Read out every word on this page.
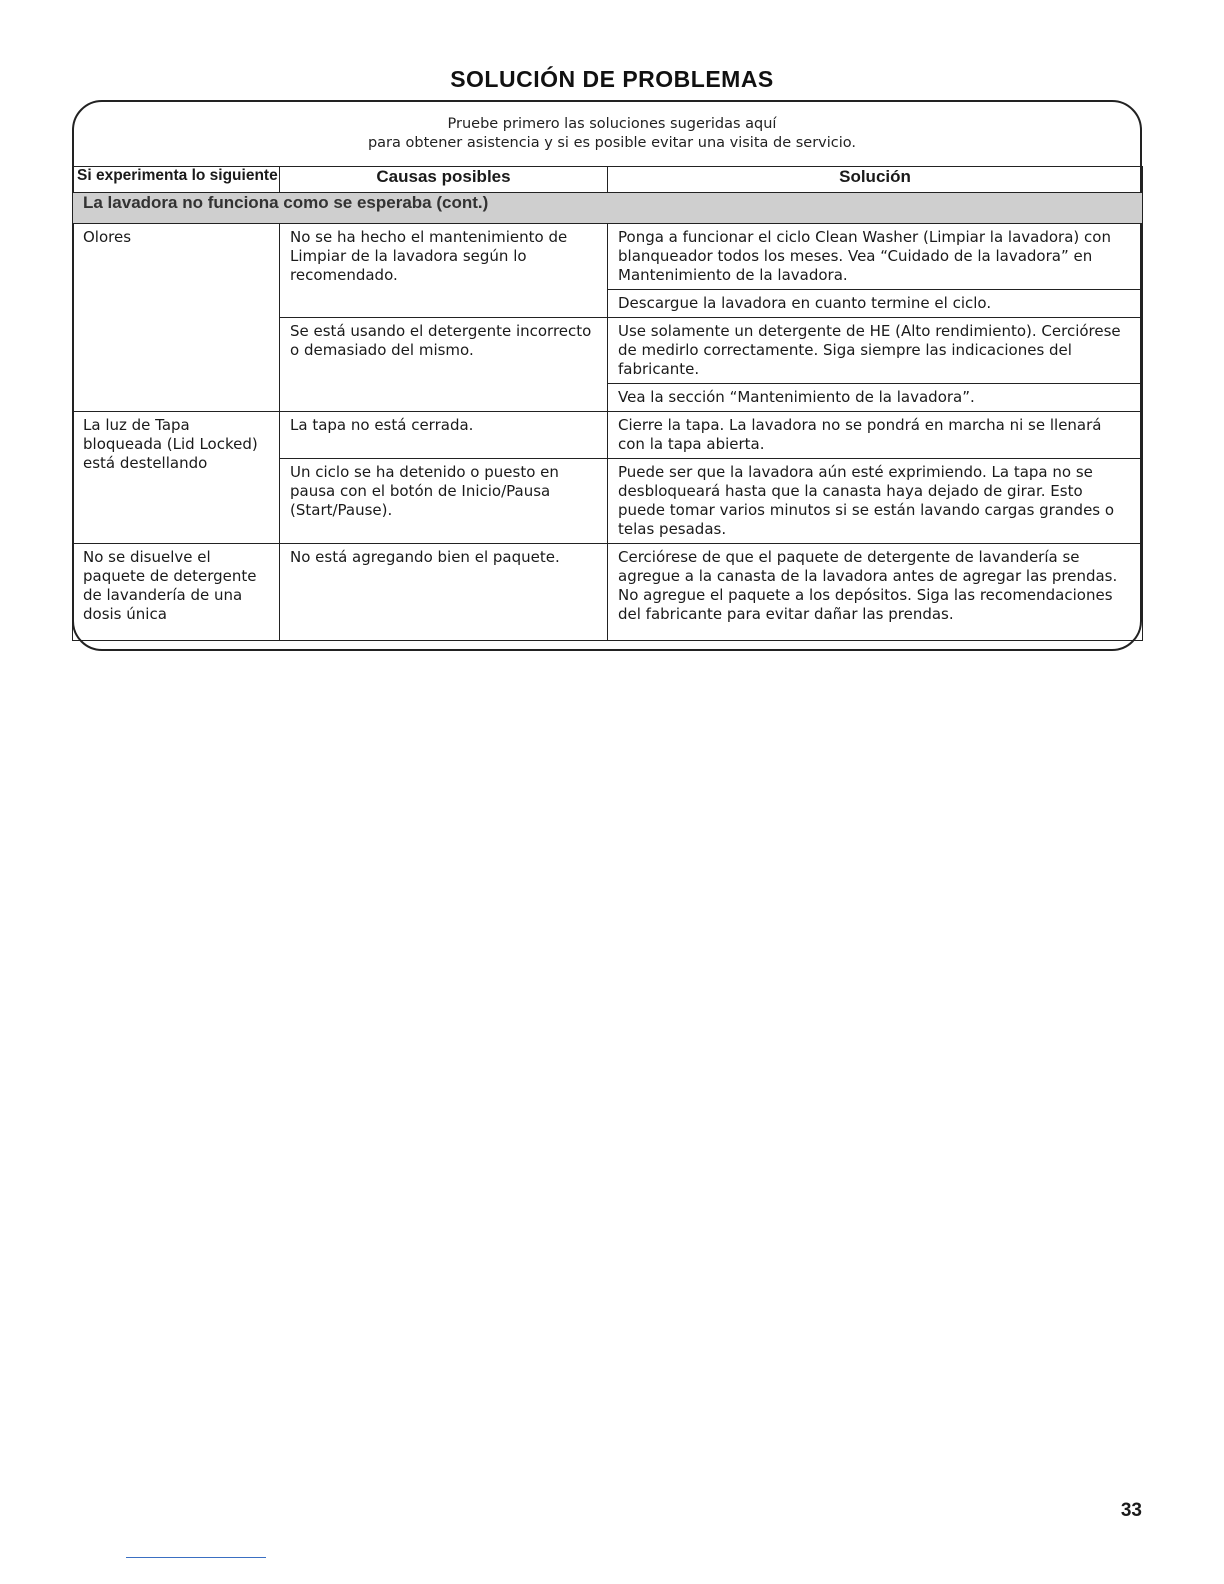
SOLUCIÓN DE PROBLEMAS
Pruebe primero las soluciones sugeridas aquí
para obtener asistencia y si es posible evitar una visita de servicio.
Si experimenta lo siguiente	Causas posibles	Solución
La lavadora no funciona como se esperaba (cont.)		
Olores	No se ha hecho el mantenimiento de Limpiar de la lavadora según lo recomendado.	Ponga a funcionar el ciclo Clean Washer (Limpiar la lavadora) con blanqueador todos los meses. Vea “Cuidado de la lavadora” en Mantenimiento de la lavadora.
		Descargue la lavadora en cuanto termine el ciclo.
	Se está usando el detergente incorrecto o demasiado del mismo.	Use solamente un detergente de HE (Alto rendimiento). Cerciórese de medirlo correctamente. Siga siempre las indicaciones del fabricante.
		Vea la sección “Mantenimiento de la lavadora”.
La luz de Tapa bloqueada (Lid Locked) está destellando	La tapa no está cerrada.	Cierre la tapa. La lavadora no se pondrá en marcha ni se llenará con la tapa abierta.
	Un ciclo se ha detenido o puesto en pausa con el botón de Inicio/Pausa (Start/Pause).	Puede ser que la lavadora aún esté exprimiendo. La tapa no se desbloqueará hasta que la canasta haya dejado de girar. Esto puede tomar varios minutos si se están lavando cargas grandes o telas pesadas.
No se disuelve el paquete de detergente de lavandería de una dosis única	No está agregando bien el paquete.	Cerciórese de que el paquete de detergente de lavandería se agregue a la canasta de la lavadora antes de agregar las prendas. No agregue el paquete a los depósitos. Siga las recomendaciones del fabricante para evitar dañar las prendas.
33
